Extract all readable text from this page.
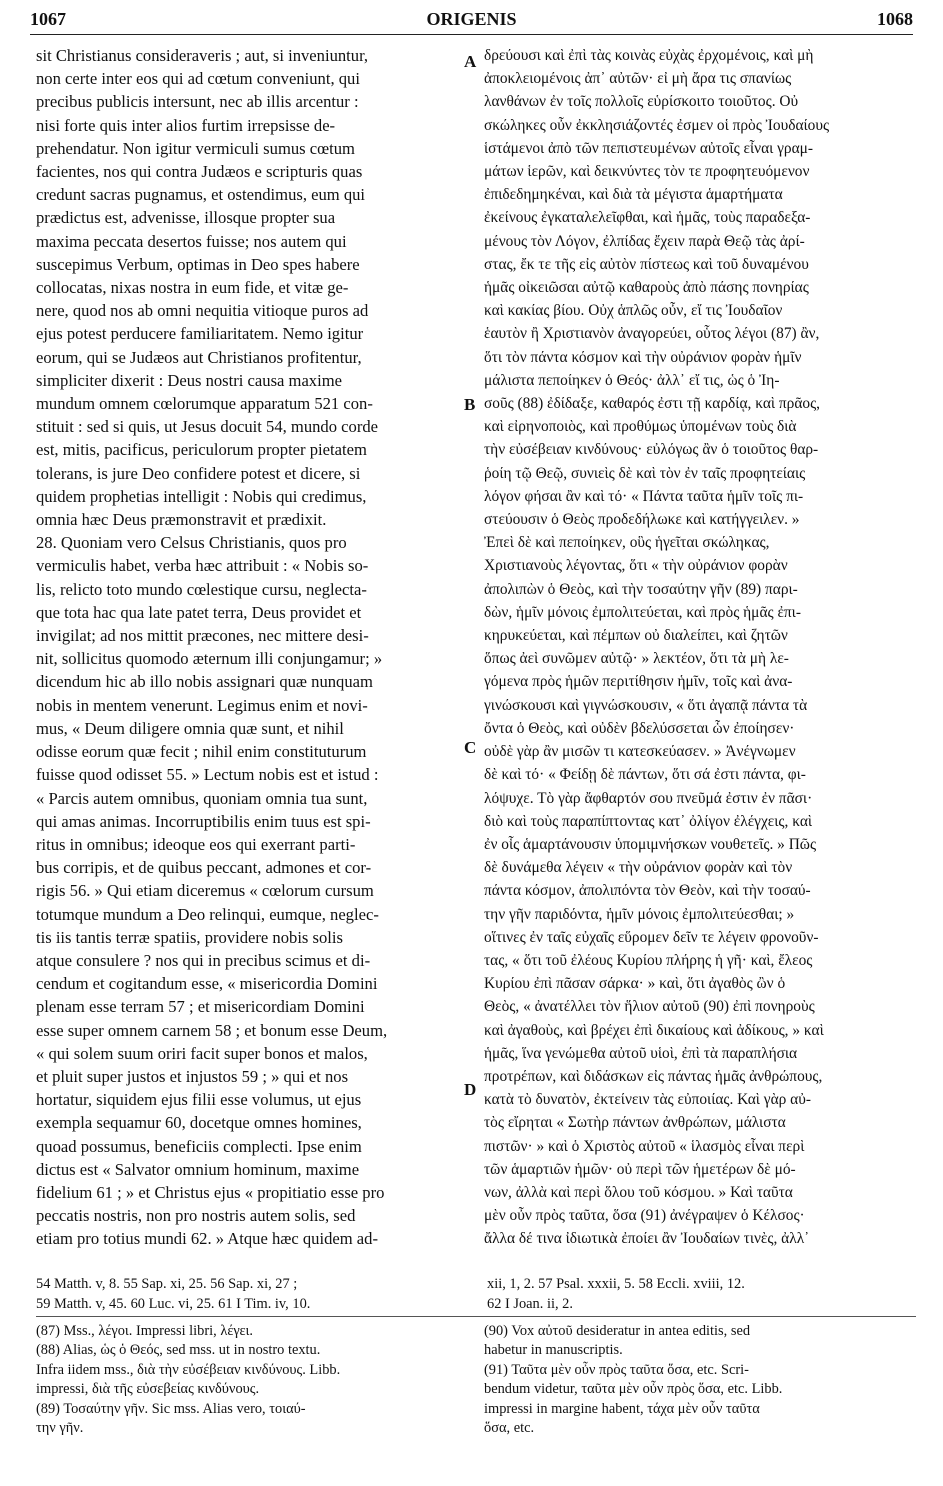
1067	ORIGENIS	1068
sit Christianus consideraveris ; aut, si inveniuntur,
non certe inter eos qui ad cœtum conveniunt, qui
precibus publicis intersunt, nec ab illis arcentur :
nisi forte quis inter alios furtim irrepsisse de-
prehendatur. Non igitur vermiculi sumus cœtum
facientes, nos qui contra Judæos e scripturis quas
credunt sacras pugnamus, et ostendimus, eum qui
prædictus est, advenisse, illosque propter sua
maxima peccata desertos fuisse; nos autem qui
suscepimus Verbum, optimas in Deo spes habere
collocatas, nixas nostra in eum fide, et vitæ ge-
nere, quod nos ab omni nequitia vitioque puros ad
ejus potest perducere familiaritatem. Nemo igitur
eorum, qui se Judæos aut Christianos profitentur,
simpliciter dixerit : Deus nostri causa maxime
mundum omnem cœlorumque apparatum 521 con-
stituit : sed si quis, ut Jesus docuit 54, mundo corde
est, mitis, pacificus, periculorum propter pietatem
tolerans, is jure Deo confidere potest et dicere, si
quidem prophetias intelligit : Nobis qui credimus,
omnia hæc Deus præmonstravit et prædixit.
28. Quoniam vero Celsus Christianis, quos pro
vermiculis habet, verba hæc attribuit : « Nobis so-
lis, relicto toto mundo cœlestique cursu, neglecta-
que tota hac qua late patet terra, Deus providet et
invigilat; ad nos mittit præcones, nec mittere desi-
nit, sollicitus quomodo æternum illi conjungamur; »
dicendum hic ab illo nobis assignari quæ nunquam
nobis in mentem venerunt. Legimus enim et novi-
mus, « Deum diligere omnia quæ sunt, et nihil
odisse eorum quæ fecit ; nihil enim constituturum
fuisse quod odisset 55. » Lectum nobis est et istud :
« Parcis autem omnibus, quoniam omnia tua sunt,
qui amas animas. Incorruptibilis enim tuus est spi-
ritus in omnibus; ideoque eos qui exerrant parti-
bus corripis, et de quibus peccant, admones et cor-
rigis 56. » Qui etiam diceremus « cœlorum cursum
totumque mundum a Deo relinqui, eumque, neglec-
tis iis tantis terræ spatiis, providere nobis solis
atque consulere ? nos qui in precibus scimus et di-
cendum et cogitandum esse, « misericordia Domini
plenam esse terram 57 ; et misericordiam Domini
esse super omnem carnem 58 ; et bonum esse Deum,
« qui solem suum oriri facit super bonos et malos,
et pluit super justos et injustos 59 ; » qui et nos
hortatur, siquidem ejus filii esse volumus, ut ejus
exempla sequamur 60, docetque omnes homines,
quoad possumus, beneficiis complecti. Ipse enim
dictus est « Salvator omnium hominum, maxime
fidelium 61 ; » et Christus ejus « propitiatio esse pro
peccatis nostris, non pro nostris autem solis, sed
etiam pro totius mundi 62. » Atque hæc quidem ad-
δρεύουσι καὶ ἐπὶ τὰς κοινὰς εὐχὰς ἐρχομένοις, καὶ μὴ
ἀποκλειομένοις ἀπ᾿ αὐτῶν· εἰ μὴ ἄρα τις σπανίως
λανθάνων ἐν τοῖς πολλοῖς εὑρίσκοιτο τοιοῦτος. Οὐ
σκώληκες οὖν ἐκκλησιάζοντές ἐσμεν οἱ πρὸς Ἰουδαίους
ἱστάμενοι ἀπὸ τῶν πεπιστευμένων αὐτοῖς εἶναι γραμ-
μάτων ἱερῶν, καὶ δεικνύντες τὸν τε προφητευόμενον
ἐπιδεδημηκέναι, καὶ διὰ τὰ μέγιστα ἁμαρτήματα
ἐκείνους ἐγκαταλελεῖφθαι, καὶ ἡμᾶς, τοὺς παραδεξα-
μένους τὸν Λόγον, ἐλπίδας ἔχειν παρὰ Θεῷ τὰς ἀρί-
στας, ἔκ τε τῆς εἰς αὐτὸν πίστεως καὶ τοῦ δυναμένου
ἡμᾶς οἰκειῶσαι αὐτῷ καθαροὺς ἀπὸ πάσης πονηρίας
καὶ κακίας βίου. Οὐχ ἁπλῶς οὖν, εἴ τις Ἰουδαῖον
ἑαυτὸν ἢ Χριστιανὸν ἀναγορεύει, οὗτος λέγοι (87) ἂν,
ὅτι τὸν πάντα κόσμον καὶ τὴν οὐράνιον φορὰν ἡμῖν
μάλιστα πεποίηκεν ὁ Θεός· ἀλλ᾿ εἴ τις, ὡς ὁ Ἰη-
σοῦς (88) ἐδίδαξε, καθαρός ἐστι τῇ καρδίᾳ, καὶ πρᾶος,
καὶ εἰρηνοποιὸς, καὶ προθύμως ὑπομένων τοὺς διὰ
τὴν εὐσέβειαν κινδύνους· εὐλόγως ἂν ὁ τοιοῦτος θαρ-
ῥοίη τῷ Θεῷ, συνιεὶς δὲ καὶ τὸν ἐν ταῖς προφητείαις
λόγον φήσαι ἂν καὶ τό· « Πάντα ταῦτα ἡμῖν τοῖς πι-
στεύουσιν ὁ Θεὸς προδεδήλωκε καὶ κατήγγειλεν. »
Ἐπεὶ δὲ καὶ πεποίηκεν, οὓς ἡγεῖται σκώληκας,
Χριστιανοὺς λέγοντας, ὅτι « τὴν οὐράνιον φορὰν
ἀπολιπὼν ὁ Θεὸς, καὶ τὴν τοσαύτην γῆν (89) παρι-
δὼν, ἡμῖν μόνοις ἐμπολιτεύεται, καὶ πρὸς ἡμᾶς ἐπι-
κηρυκεύεται, καὶ πέμπων οὐ διαλείπει, καὶ ζητῶν
ὅπως ἀεὶ συνῶμεν αὐτῷ· » λεκτέον, ὅτι τὰ μὴ λε-
γόμενα πρὸς ἡμῶν περιτίθησιν ἡμῖν, τοῖς καὶ ἀνα-
γινώσκουσι καὶ γιγνώσκουσιν, « ὅτι ἀγαπᾷ πάντα τὰ
ὄντα ὁ Θεὸς, καὶ οὐδὲν βδελύσσεται ὧν ἐποίησεν·
οὐδὲ γὰρ ἂν μισῶν τι κατεσκεύασεν. » Ἀνέγνωμεν
δὲ καὶ τό· « Φείδῃ δὲ πάντων, ὅτι σά ἐστι πάντα, φι-
λόψυχε. Τὸ γὰρ ἄφθαρτόν σου πνεῦμά ἐστιν ἐν πᾶσι·
διὸ καὶ τοὺς παραπίπτοντας κατ᾿ ὀλίγον ἐλέγχεις, καὶ
ἐν οἷς ἁμαρτάνουσιν ὑπομιμνήσκων νουθετεῖς. » Πῶς
δὲ δυνάμεθα λέγειν « τὴν οὐράνιον φορὰν καὶ τὸν
πάντα κόσμον, ἀπολιπόντα τὸν Θεὸν, καὶ τὴν τοσαύ-
την γῆν παριδόντα, ἡμῖν μόνοις ἐμπολιτεύεσθαι; »
οἵτινες ἐν ταῖς εὐχαῖς εὕρομεν δεῖν τε λέγειν φρονοῦν-
τας, « ὅτι τοῦ ἐλέους Κυρίου πλήρης ἡ γῆ· καὶ, ἔλεος
Κυρίου ἐπὶ πᾶσαν σάρκα· » καὶ, ὅτι ἀγαθὸς ὢν ὁ
Θεὸς, « ἀνατέλλει τὸν ἥλιον αὐτοῦ (90) ἐπὶ πονηροὺς
καὶ ἀγαθοὺς, καὶ βρέχει ἐπὶ δικαίους καὶ ἀδίκους, » καὶ
ἡμᾶς, ἵνα γενώμεθα αὐτοῦ υἱοὶ, ἐπὶ τὰ παραπλήσια
προτρέπων, καὶ διδάσκων εἰς πάντας ἡμᾶς ἀνθρώπους,
κατὰ τὸ δυνατὸν, ἐκτείνειν τὰς εὐποιίας. Καὶ γὰρ αὐ-
τὸς εἴρηται « Σωτὴρ πάντων ἀνθρώπων, μάλιστα
πιστῶν· » καὶ ὁ Χριστὸς αὐτοῦ « ἱλασμὸς εἶναι περὶ
τῶν ἁμαρτιῶν ἡμῶν· οὐ περὶ τῶν ἡμετέρων δὲ μό-
νων, ἀλλὰ καὶ περὶ ὅλου τοῦ κόσμου. » Καὶ ταῦτα
μὲν οὖν πρὸς ταῦτα, ὅσα (91) ἀνέγραψεν ὁ Κέλσος·
ἄλλα δέ τινα ἰδιωτικὰ ἐποίει ἂν Ἰουδαίων τινὲς, ἀλλ᾿
A
B
C
D
54 Matth. v, 8. 55 Sap. xi, 25. 56 Sap. xi, 27 ;
59 Matth. v, 45. 60 Luc. vi, 25. 61 I Tim. iv, 10.
xii, 1, 2. 57 Psal. xxxii, 5. 58 Eccli. xviii, 12.
62 I Joan. ii, 2.
(87) Mss., λέγοι. Impressi libri, λέγει.
(88) Alias, ὡς ὁ Θεός, sed mss. ut in nostro textu.
Infra iidem mss., διὰ τὴν εὐσέβειαν κινδύνους. Libb.
impressi, διὰ τῆς εὐσεβείας κινδύνους.
(89) Τοσαύτην γῆν. Sic mss. Alias vero, τοιαύ-
την γῆν.
(90) Vox αὐτοῦ desideratur in antea editis, sed
habetur in manuscriptis.
(91) Ταῦτα μὲν οὖν πρὸς ταῦτα ὅσα, etc. Scri-
bendum videtur, ταῦτα μὲν οὖν πρὸς ὅσα, etc. Libb.
impressi in margine habent, τάχα μὲν οὖν ταῦτα
ὅσα, etc.
